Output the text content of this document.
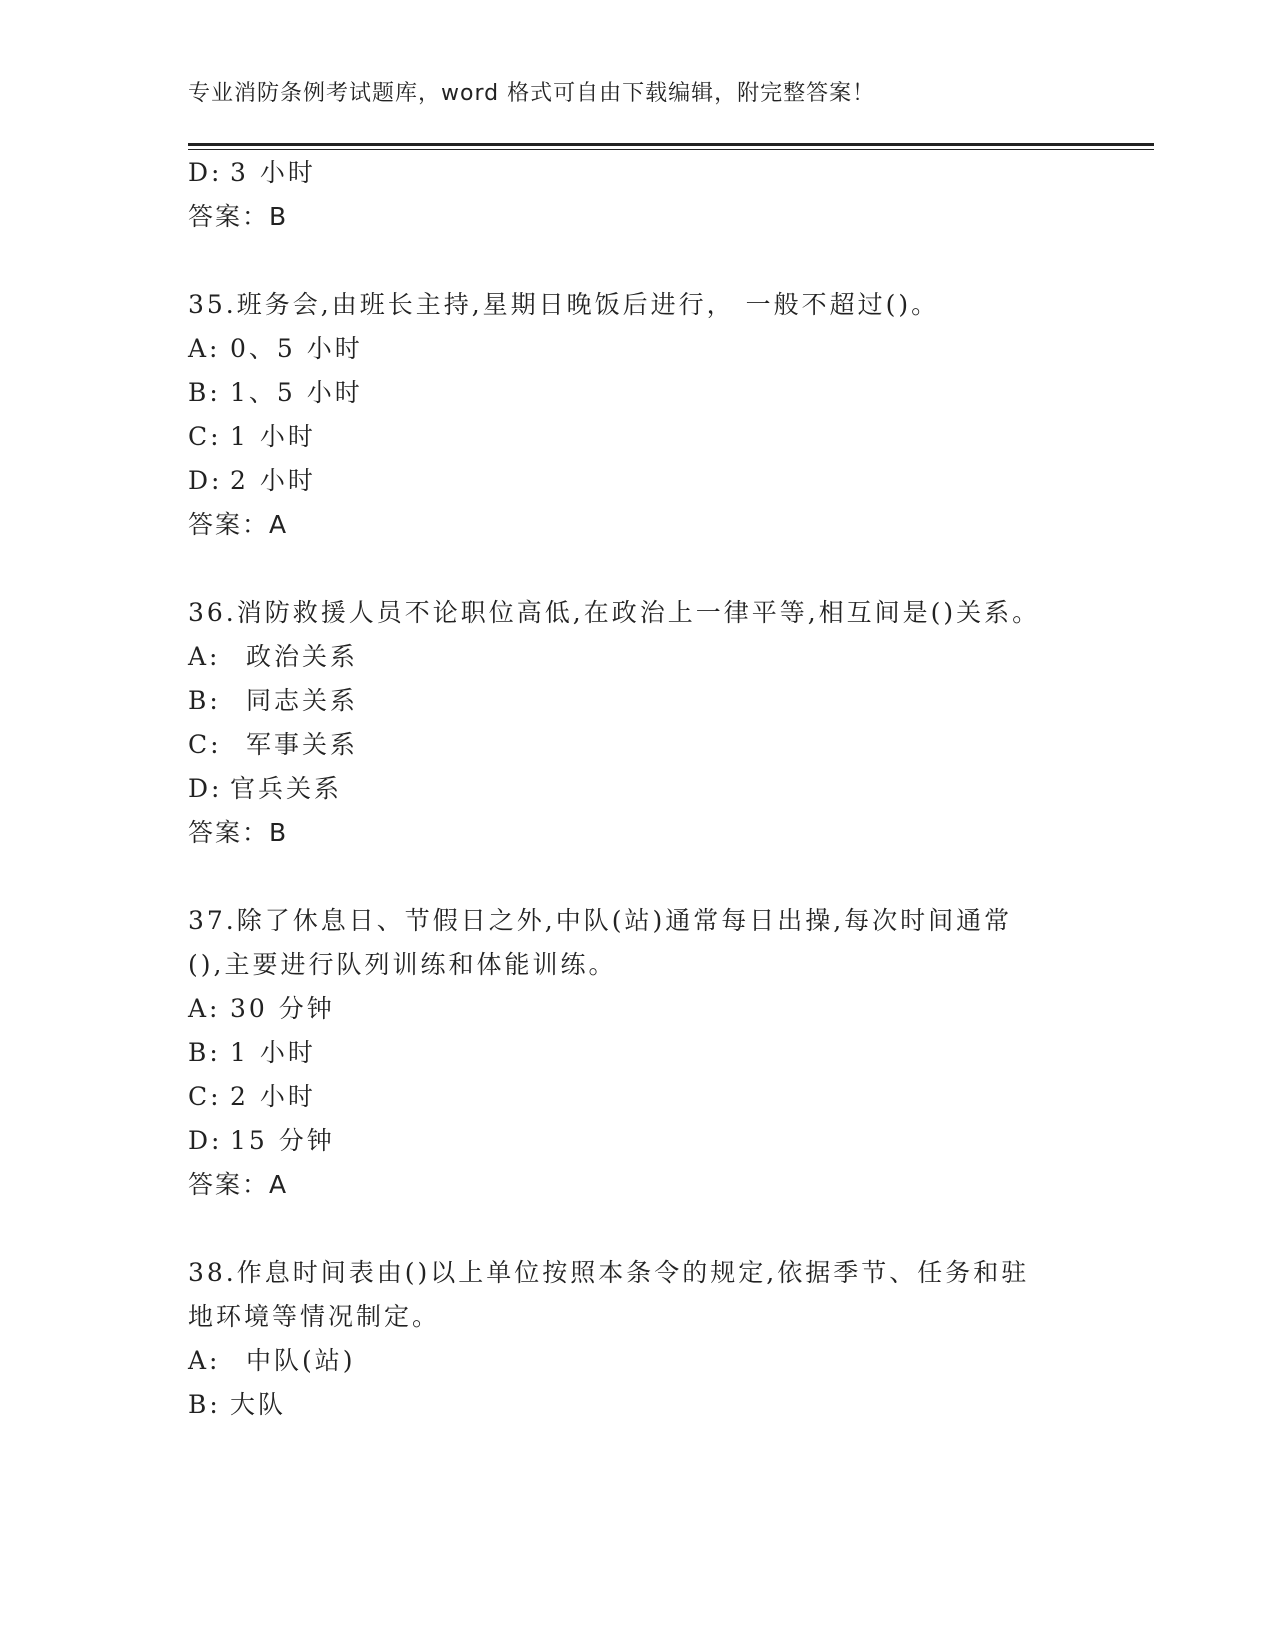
专业消防条例考试题库，word 格式可自由下载编辑，附完整答案！
D: 3 小时
答案：B
35.班务会,由班长主持,星期日晚饭后进行， 一般不超过()。
A: 0、5 小时
B: 1、5 小时
C: 1 小时
D: 2 小时
答案：A
36.消防救援人员不论职位高低,在政治上一律平等,相互间是()关系。
A: 政治关系
B: 同志关系
C: 军事关系
D: 官兵关系
答案：B
37.除了休息日、节假日之外,中队(站)通常每日出操,每次时间通常
(),主要进行队列训练和体能训练。
A: 30 分钟
B: 1 小时
C: 2 小时
D: 15 分钟
答案：A
38.作息时间表由()以上单位按照本条令的规定,依据季节、任务和驻
地环境等情况制定。
A: 中队(站)
B: 大队
